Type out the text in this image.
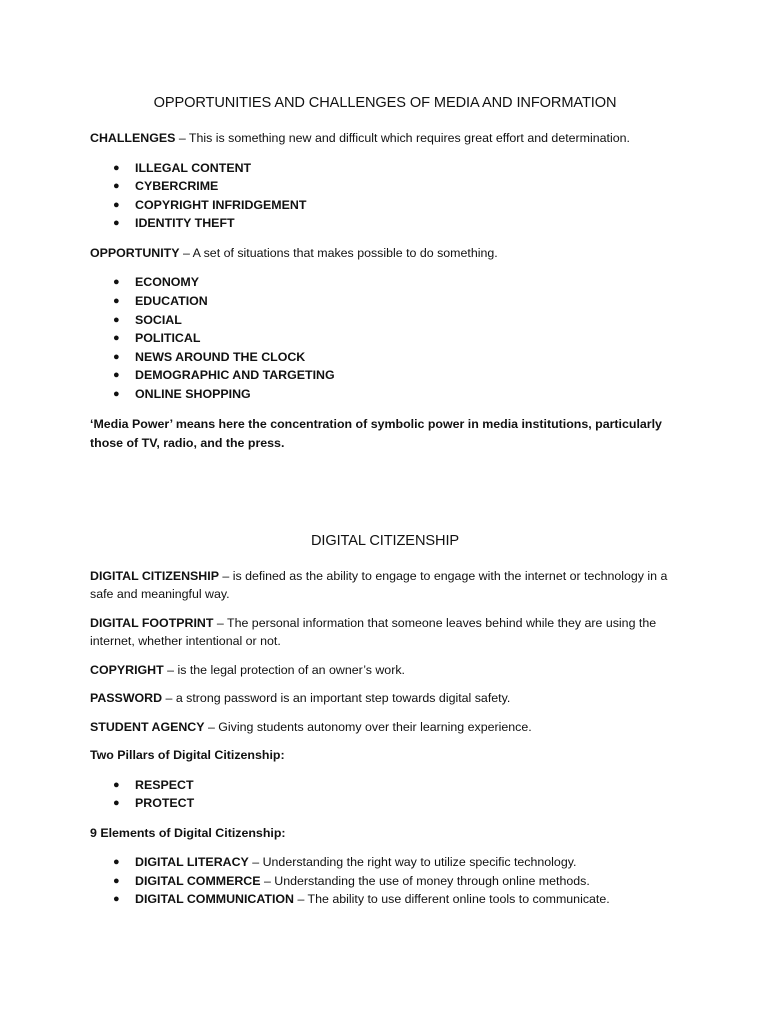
OPPORTUNITIES AND CHALLENGES OF MEDIA AND INFORMATION

CHALLENGES – This is something new and difficult which requires great effort and determination.

● ILLEGAL CONTENT
● CYBERCRIME
● COPYRIGHT INFRIDGEMENT
● IDENTITY THEFT

OPPORTUNITY – A set of situations that makes possible to do something.

● ECONOMY
● EDUCATION
● SOCIAL
● POLITICAL
● NEWS AROUND THE CLOCK
● DEMOGRAPHIC AND TARGETING
● ONLINE SHOPPING

‘Media Power’ means here the concentration of symbolic power in media institutions, particularly those of TV, radio, and the press.

DIGITAL CITIZENSHIP

DIGITAL CITIZENSHIP – is defined as the ability to engage to engage with the internet or technology in a safe and meaningful way.

DIGITAL FOOTPRINT – The personal information that someone leaves behind while they are using the internet, whether intentional or not.

COPYRIGHT – is the legal protection of an owner’s work.

PASSWORD – a strong password is an important step towards digital safety.

STUDENT AGENCY – Giving students autonomy over their learning experience.

Two Pillars of Digital Citizenship:

● RESPECT
● PROTECT

9 Elements of Digital Citizenship:

● DIGITAL LITERACY – Understanding the right way to utilize specific technology.
● DIGITAL COMMERCE – Understanding the use of money through online methods.
● DIGITAL COMMUNICATION – The ability to use different online tools to communicate.
